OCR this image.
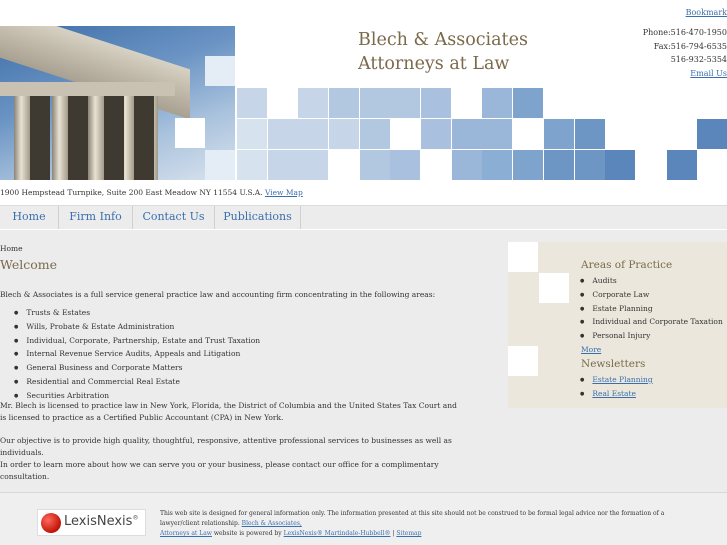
Bookmark
Blech & Associates
Attorneys at Law
Phone:516-470-1950
Fax:516-794-6535
516-932-5354
Email Us
1900 Hempstead Turnpike, Suite 200 East Meadow NY 11554 U.S.A. View Map
Home	Firm Info	Contact Us	Publications
Home
Welcome
Blech & Associates is a full service general practice law and accounting firm concentrating in the following areas:
● Trusts & Estates
● Wills, Probate & Estate Administration
● Individual, Corporate, Partnership, Estate and Trust Taxation
● Internal Revenue Service Audits, Appeals and Litigation
● General Business and Corporate Matters
● Residential and Commercial Real Estate
● Securities Arbitration
Mr. Blech is licensed to practice law in New York, Florida, the District of Columbia and the United States Tax Court and is licensed to practice as a Certified Public Accountant (CPA) in New York.
Our objective is to provide high quality, thoughtful, responsive, attentive professional services to businesses as well as individuals.
In order to learn more about how we can serve you or your business, please contact our office for a complimentary consultation.
Areas of Practice
● Audits
● Corporate Law
● Estate Planning
● Individual and Corporate Taxation
● Personal Injury
More
Newsletters
● Estate Planning
● Real Estate
LexisNexis®
This web site is designed for general information only. The information presented at this site should not be construed to be formal legal advice nor the formation of a lawyer/client relationship. Blech & Associates,
Attorneys at Law website is powered by LexisNexis® Martindale-Hubbell® | Sitemap
